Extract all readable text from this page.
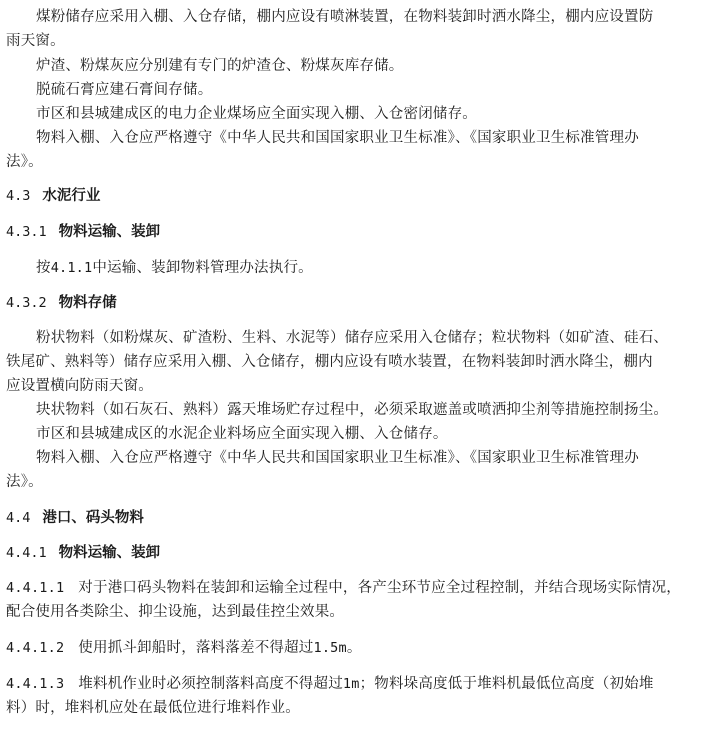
煤粉储存应采用入棚、入仓存储，棚内应设有喷淋装置，在物料装卸时洒水降尘，棚内应设置防
雨天窗。
炉渣、粉煤灰应分别建有专门的炉渣仓、粉煤灰库存储。
脱硫石膏应建石膏间存储。
市区和县城建成区的电力企业煤场应全面实现入棚、入仓密闭储存。
物料入棚、入仓应严格遵守《中华人民共和国国家职业卫生标准》、《国家职业卫生标准管理办
法》。
4.3 水泥行业
4.3.1 物料运输、装卸
按4.1.1中运输、装卸物料管理办法执行。
4.3.2 物料存储
粉状物料（如粉煤灰、矿渣粉、生料、水泥等）储存应采用入仓储存；粒状物料（如矿渣、硅石、
铁尾矿、熟料等）储存应采用入棚、入仓储存，棚内应设有喷水装置，在物料装卸时洒水降尘，棚内
应设置横向防雨天窗。
块状物料（如石灰石、熟料）露天堆场贮存过程中，必须采取遮盖或喷洒抑尘剂等措施控制扬尘。
市区和县城建成区的水泥企业料场应全面实现入棚、入仓储存。
物料入棚、入仓应严格遵守《中华人民共和国国家职业卫生标准》、《国家职业卫生标准管理办
法》。
4.4 港口、码头物料
4.4.1 物料运输、装卸
4.4.1.1 对于港口码头物料在装卸和运输全过程中，各产尘环节应全过程控制，并结合现场实际情况，
配合使用各类除尘、抑尘设施，达到最佳控尘效果。
4.4.1.2 使用抓斗卸船时，落料落差不得超过1.5m。
4.4.1.3 堆料机作业时必须控制落料高度不得超过1m；物料垛高度低于堆料机最低位高度（初始堆
料）时，堆料机应处在最低位进行堆料作业。
